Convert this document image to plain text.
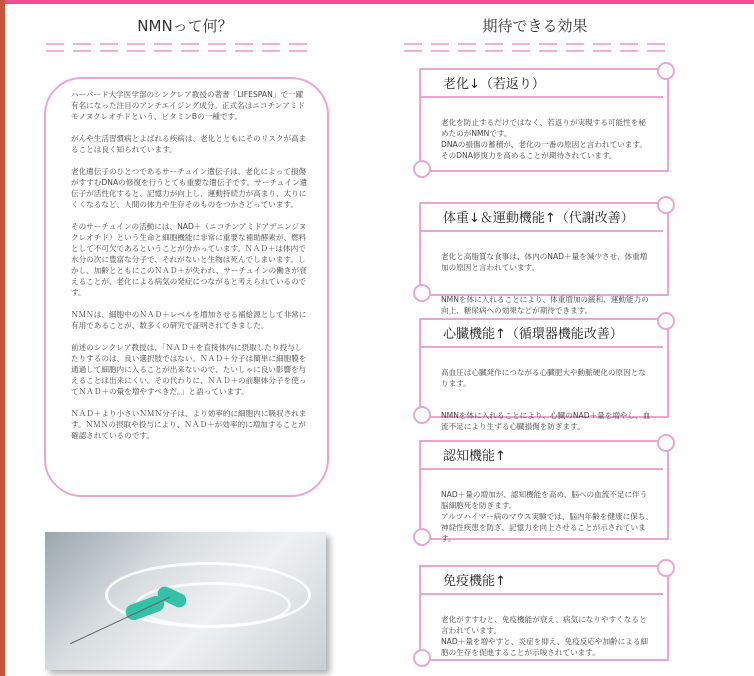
NMNって何？	期待できる効果

ハーバード大学医学部のシンクレア教授の著書「LIFESPAN」で一躍有名になった注目のアンチエイジング成分。正式名はニコチンアミドモノヌクレオチドという、ビタミンBの一種です。

がんや生活習慣病とよばれる疾病は、老化とともにそのリスクが高まることは良く知られています。

老化遺伝子のひとつであるサーチュイン遺伝子は、老化によって損傷がすすむDNAの修復を行うとても重要な遺伝子です。サーチュイン遺伝子が活性化すると、記憶力が向上し、運動持続力が高まり、太りにくくなるなど、人間の体力や生存そのものをつかさどっています。

そのサーチュインの活動には、NAD＋（ニコチンアミドアデニンジヌクレオチド）という生命と細胞機能に非常に重要な補助酵素が、燃料として不可欠であるということが分かっています。ＮＡＤ＋は体内で水分の次に豊富な分子で、それがないと生物は死んでしまいます。しかし、加齢とともにこのＮＡＤ＋が失われ、サーチュインの働きが衰えることが、老化による病気の発症につながると考えられているのです。

ＮＭＮは、細胞中のＮＡＤ＋レベルを増加させる補給源として非常に有用であることが、数多くの研究で証明されてきました。

前述のシンクレア教授は、「ＮＡＤ＋を直接体内に摂取したり投与したりするのは、良い選択肢ではない。ＮＡＤ＋分子は簡単に細胞膜を通過して細胞内に入ることが出来ないので、たいしゃに良い影響を与えることは出来にくい。その代わりに、ＮＡＤ＋の前駆体分子を使ってＮＡＤ＋の量を増やすべきだ。」と語っています。

ＮＡＤ＋より小さいＮＭＮ分子は、より効率的に細胞内に吸収されます。ＮＭＮの摂取や投与により、ＮＡＤ＋が効率的に増加することが確認されているのです。

老化↓（若返り）

老化を防止するだけではなく、若返りが実現する可能性を秘めたのがNMNです。
DNAの損傷の蓄積が、老化の一番の原因と言われています。
そのDNA修復力を高めることが期待されています。

体重↓＆運動機能↑（代謝改善）

老化と高脂質な食事は、体内のNAD＋量を減少させ、体重増加の原因と言われています。

NMNを体に入れることにより、体重増加の緩和、運動能力の向上、糖尿病への効果などが期待できます。

心臓機能↑（循環器機能改善）

高血圧は心臓発作につながる心臓肥大や動脈硬化の原因となります。

NMNを体に入れることにより、心臓のNAD＋量を増やし、血流不足により生ずる心臓損傷を防ぎます。

認知機能↑

NAD＋量の増加が、認知機能を高め、脳への血流不足に伴う脳細胞死を防ぎます。
アルツハイマー病のマウス実験では、脳内年齢を健康に保ち、神経性疾患を防ぎ、記憶力を向上させることが示されています。

免疫機能↑

老化がすすむと、免疫機能が衰え、病気になりやすくなると言われています。
NAD＋量を増やすと、炎症を抑え、免疫反応や加齢による細胞の生存を促進することが示唆されています。
